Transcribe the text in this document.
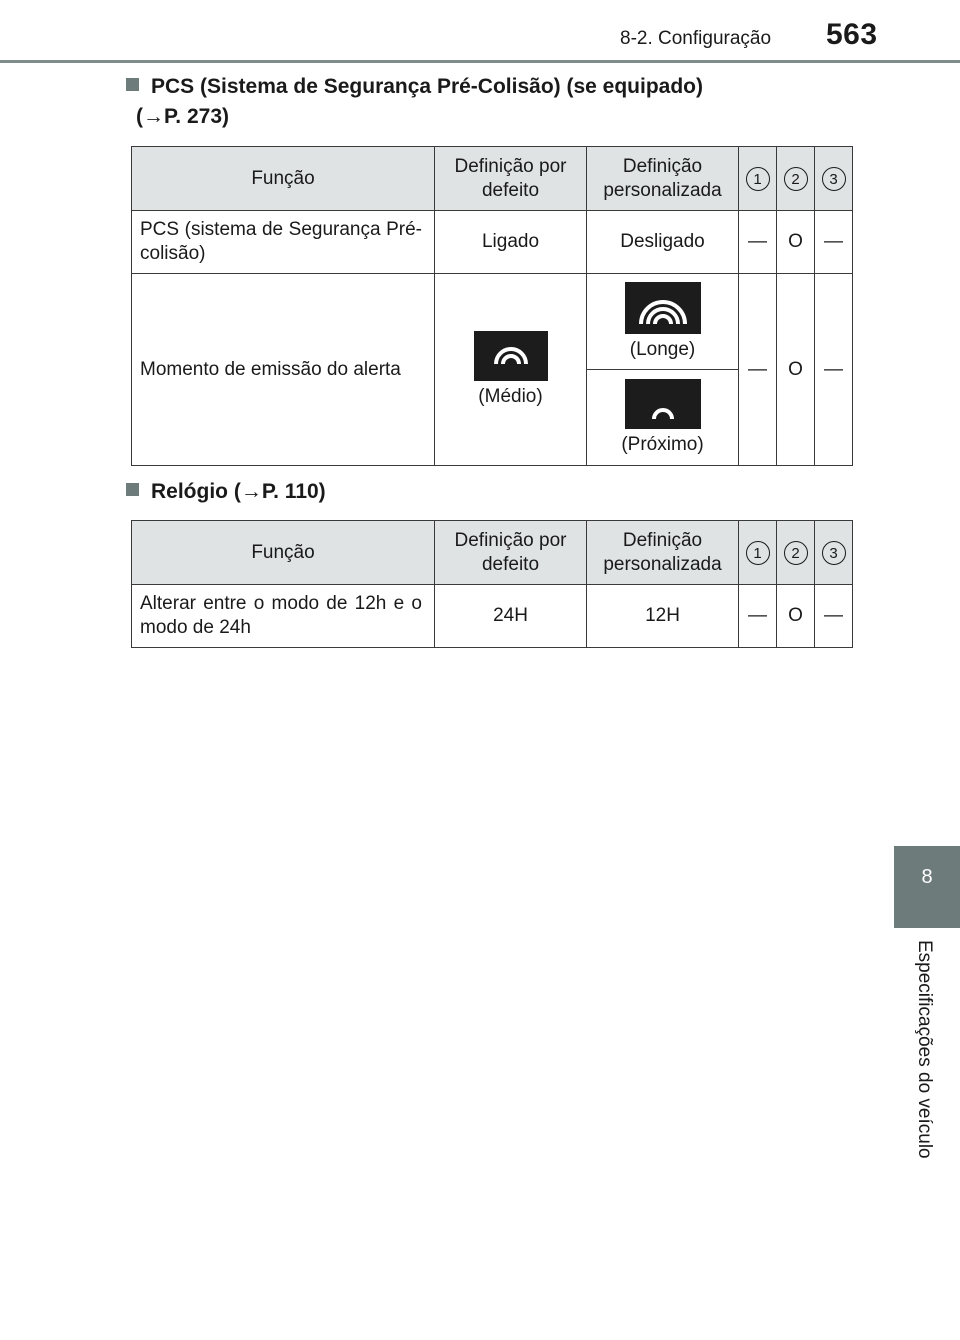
8-2. Configuração 563
8
Especificações do veículo
PCS (Sistema de Segurança Pré-Colisão) (se equipado)
(→P. 273)
Função	Definição por defeito	Definição personalizada	1	2	3
PCS (sistema de Segurança Pré-colisão)	Ligado	Desligado	—	O	—
Momento de emissão do alerta	(Médio)	(Longe)	—	O	—

(Próximo)			
Relógio (→P. 110)
Função	Definição por defeito	Definição personalizada	1	2	3
Alterar entre o modo de 12h e o modo de 24h	24H	12H	—	O	—
